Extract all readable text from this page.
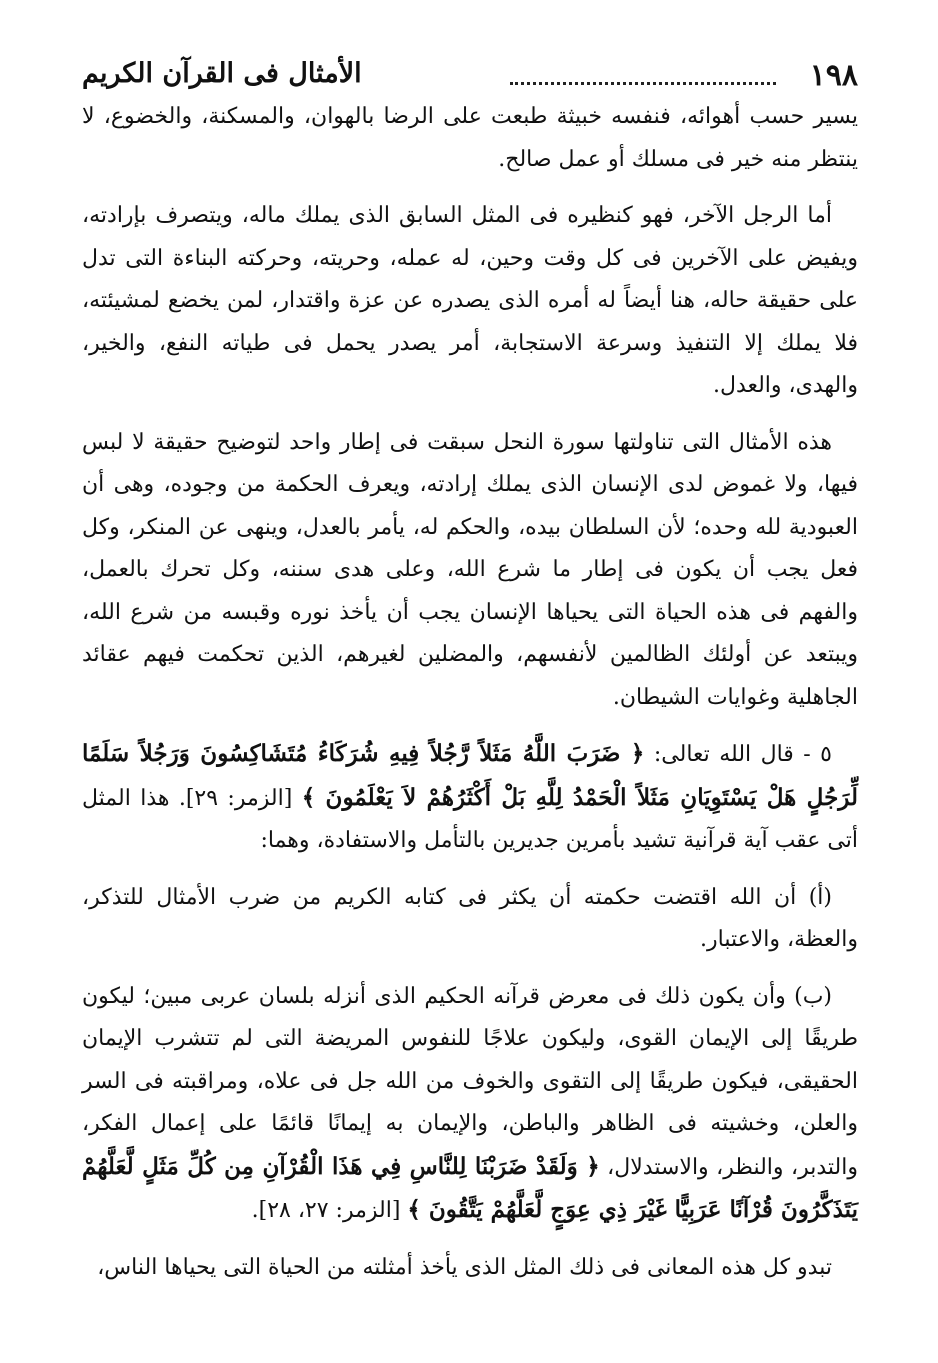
١٩٨
الأمثال فى القرآن الكريم

يسير حسب أهوائه، فنفسه خبيثة طبعت على الرضا بالهوان، والمسكنة، والخضوع، لا ينتظر منه خير فى مسلك أو عمل صالح.

أما الرجل الآخر، فهو كنظيره فى المثل السابق الذى يملك ماله، ويتصرف بإرادته، ويفيض على الآخرين فى كل وقت وحين، له عمله، وحريته، وحركته البناءة التى تدل على حقيقة حاله، هنا أيضاً له أمره الذى يصدره عن عزة واقتدار، لمن يخضع لمشيئته، فلا يملك إلا التنفيذ وسرعة الاستجابة، أمر يصدر يحمل فى طياته النفع، والخير، والهدى، والعدل.

هذه الأمثال التى تناولتها سورة النحل سبقت فى إطار واحد لتوضيح حقيقة لا لبس فيها، ولا غموض لدى الإنسان الذى يملك إرادته، ويعرف الحكمة من وجوده، وهى أن العبودية لله وحده؛ لأن السلطان بيده، والحكم له، يأمر بالعدل، وينهى عن المنكر، وكل فعل يجب أن يكون فى إطار ما شرع الله، وعلى هدى سننه، وكل تحرك بالعمل، والفهم فى هذه الحياة التى يحياها الإنسان يجب أن يأخذ نوره وقبسه من شرع الله، ويبتعد عن أولئك الظالمين لأنفسهم، والمضلين لغيرهم، الذين تحكمت فيهم عقائد الجاهلية وغوايات الشيطان.

٥ - قال الله تعالى: ﴿ ضَرَبَ اللَّهُ مَثَلاً رَّجُلاً فِيهِ شُرَكَاءُ مُتَشَاكِسُونَ وَرَجُلاً سَلَمًا لِّرَجُلٍ هَلْ يَسْتَوِيَانِ مَثَلاً الْحَمْدُ لِلَّهِ بَلْ أَكْثَرُهُمْ لاَ يَعْلَمُونَ ﴾ [الزمر: ٢٩]. هذا المثل أتى عقب آية قرآنية تشيد بأمرين جديرين بالتأمل والاستفادة، وهما:

(أ) أن الله اقتضت حكمته أن يكثر فى كتابه الكريم من ضرب الأمثال للتذكر، والعظة، والاعتبار.

(ب) وأن يكون ذلك فى معرض قرآنه الحكيم الذى أنزله بلسان عربى مبين؛ ليكون طريقًا إلى الإيمان القوى، وليكون علاجًا للنفوس المريضة التى لم تتشرب الإيمان الحقيقى، فيكون طريقًا إلى التقوى والخوف من الله جل فى علاه، ومراقبته فى السر والعلن، وخشيته فى الظاهر والباطن، والإيمان به إيمانًا قائمًا على إعمال الفكر، والتدبر، والنظر، والاستدلال، ﴿ وَلَقَدْ ضَرَبْنَا لِلنَّاسِ فِي هَذَا الْقُرْآنِ مِن كُلِّ مَثَلٍ لَّعَلَّهُمْ يَتَذَكَّرُونَ قُرْآنًا عَرَبِيًّا غَيْرَ ذِي عِوَجٍ لَّعَلَّهُمْ يَتَّقُونَ ﴾ [الزمر: ٢٧، ٢٨].

تبدو كل هذه المعانى فى ذلك المثل الذى يأخذ أمثلته من الحياة التى يحياها الناس،
